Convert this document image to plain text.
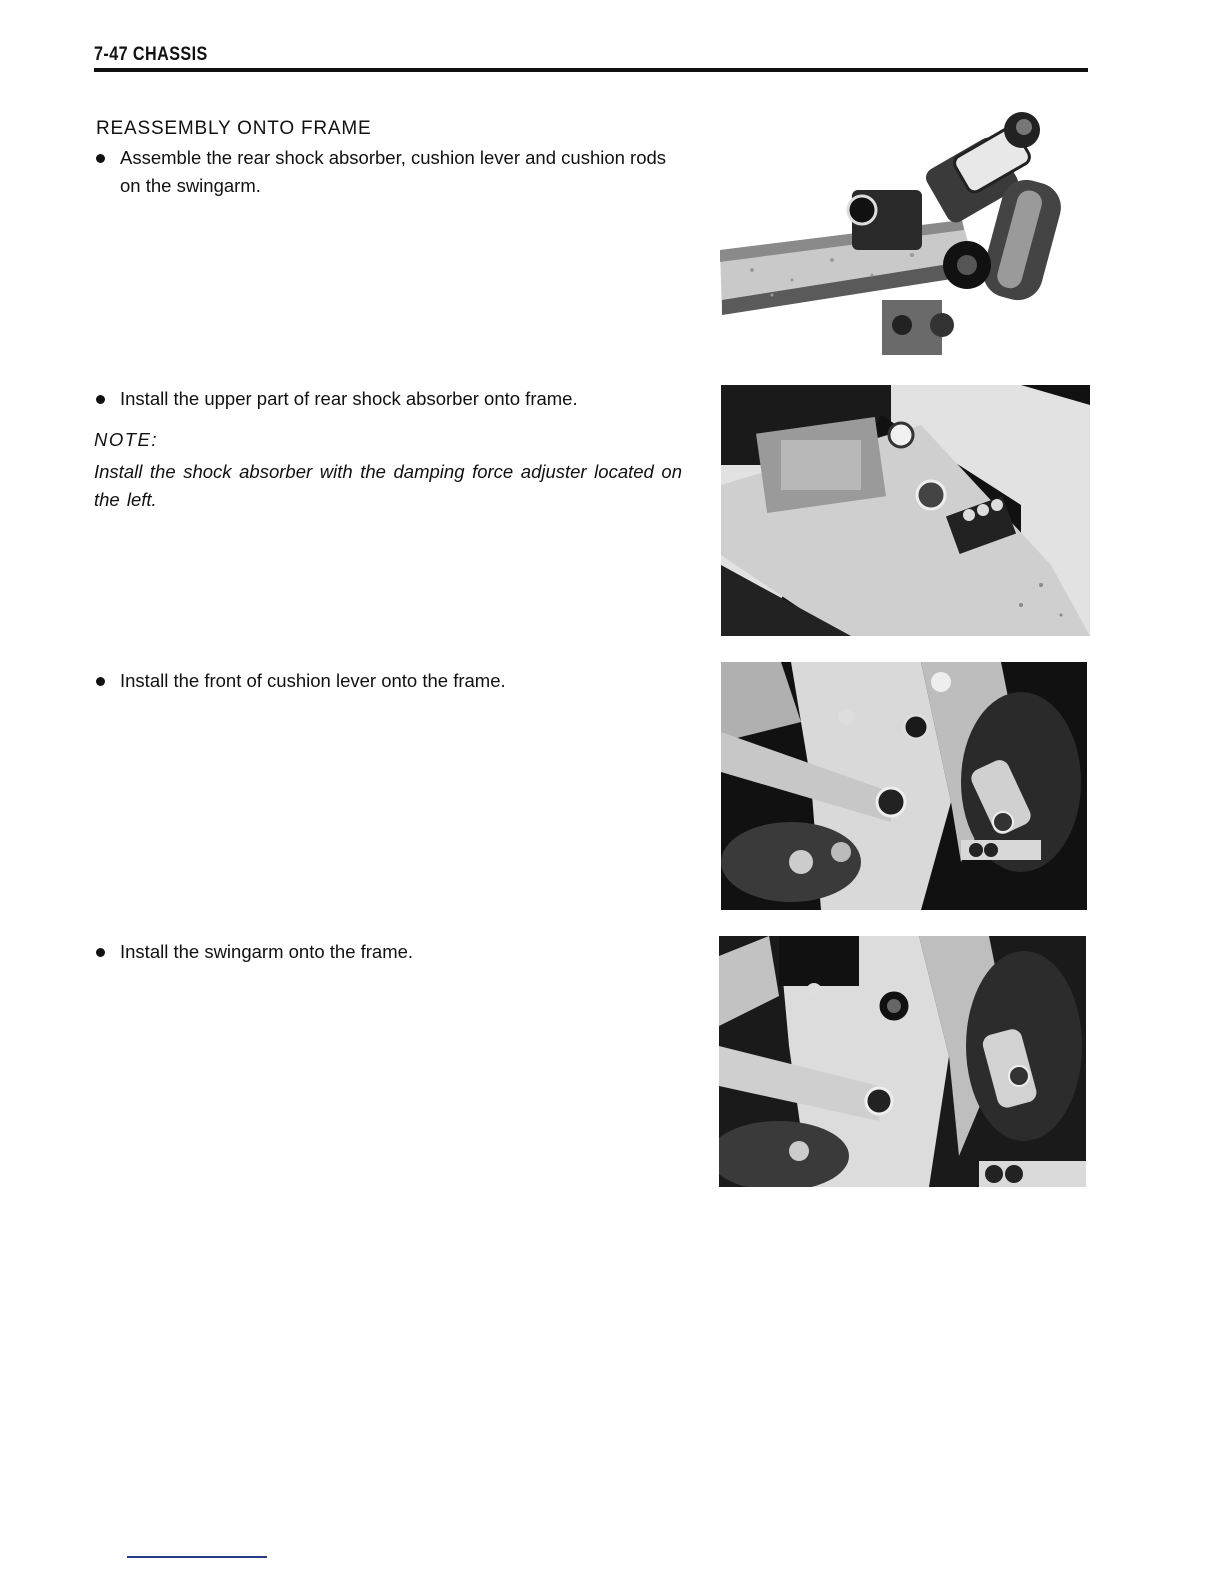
7-47 CHASSIS
REASSEMBLY ONTO FRAME
Assemble the rear shock absorber, cushion lever and cushion rods on the swingarm.
Install the upper part of rear shock absorber onto frame.
NOTE:
Install the shock absorber with the damping force adjuster located on the left.
Install the front of cushion lever onto the frame.
Install the swingarm onto the frame.
